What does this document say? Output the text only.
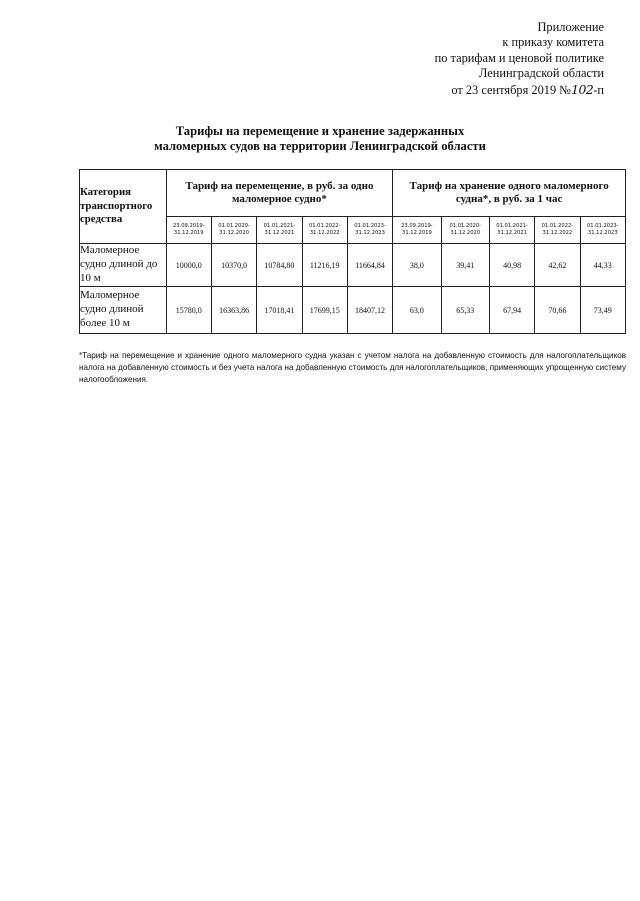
Приложение
к приказу комитета
по тарифам и ценовой политике
Ленинградской области
от 23 сентября 2019 №102-п
Тарифы на перемещение и хранение задержанных
маломерных судов на территории Ленинградской области
Категория транспортного средства	Тариф на перемещение, в руб. за одно маломерное судно*					Тариф на хранение одного маломерного судна*, в руб. за 1 час				
	23.09.2019-31.12.2019	01.01.2020-31.12.2020	01.01.2021-31.12.2021	01.01.2022-31.12.2022	01.01.2023-31.12.2023	23.09.2019-31.12.2019	01.01.2020-31.12.2020	01.01.2021-31.12.2021	01.01.2022-31.12.2022	01.01.2023-31.12.2023
Маломерное судно длиной до 10 м	10000,0	10370,0	10784,80	11216,19	11664,84	38,0	39,41	40,98	42,62	44,33
Маломерное судно длиной более 10 м	15780,0	16363,86	17018,41	17699,15	18407,12	63,0	65,33	67,94	70,66	73,49
*Тариф на перемещение и хранение одного маломерного судна указан с учетом налога на добавленную стоимость для налогоплательщиков налога на добавленную стоимость и без учета налога на добавленную стоимость для налогоплательщиков, применяющих упрощенную систему налогообложения.
